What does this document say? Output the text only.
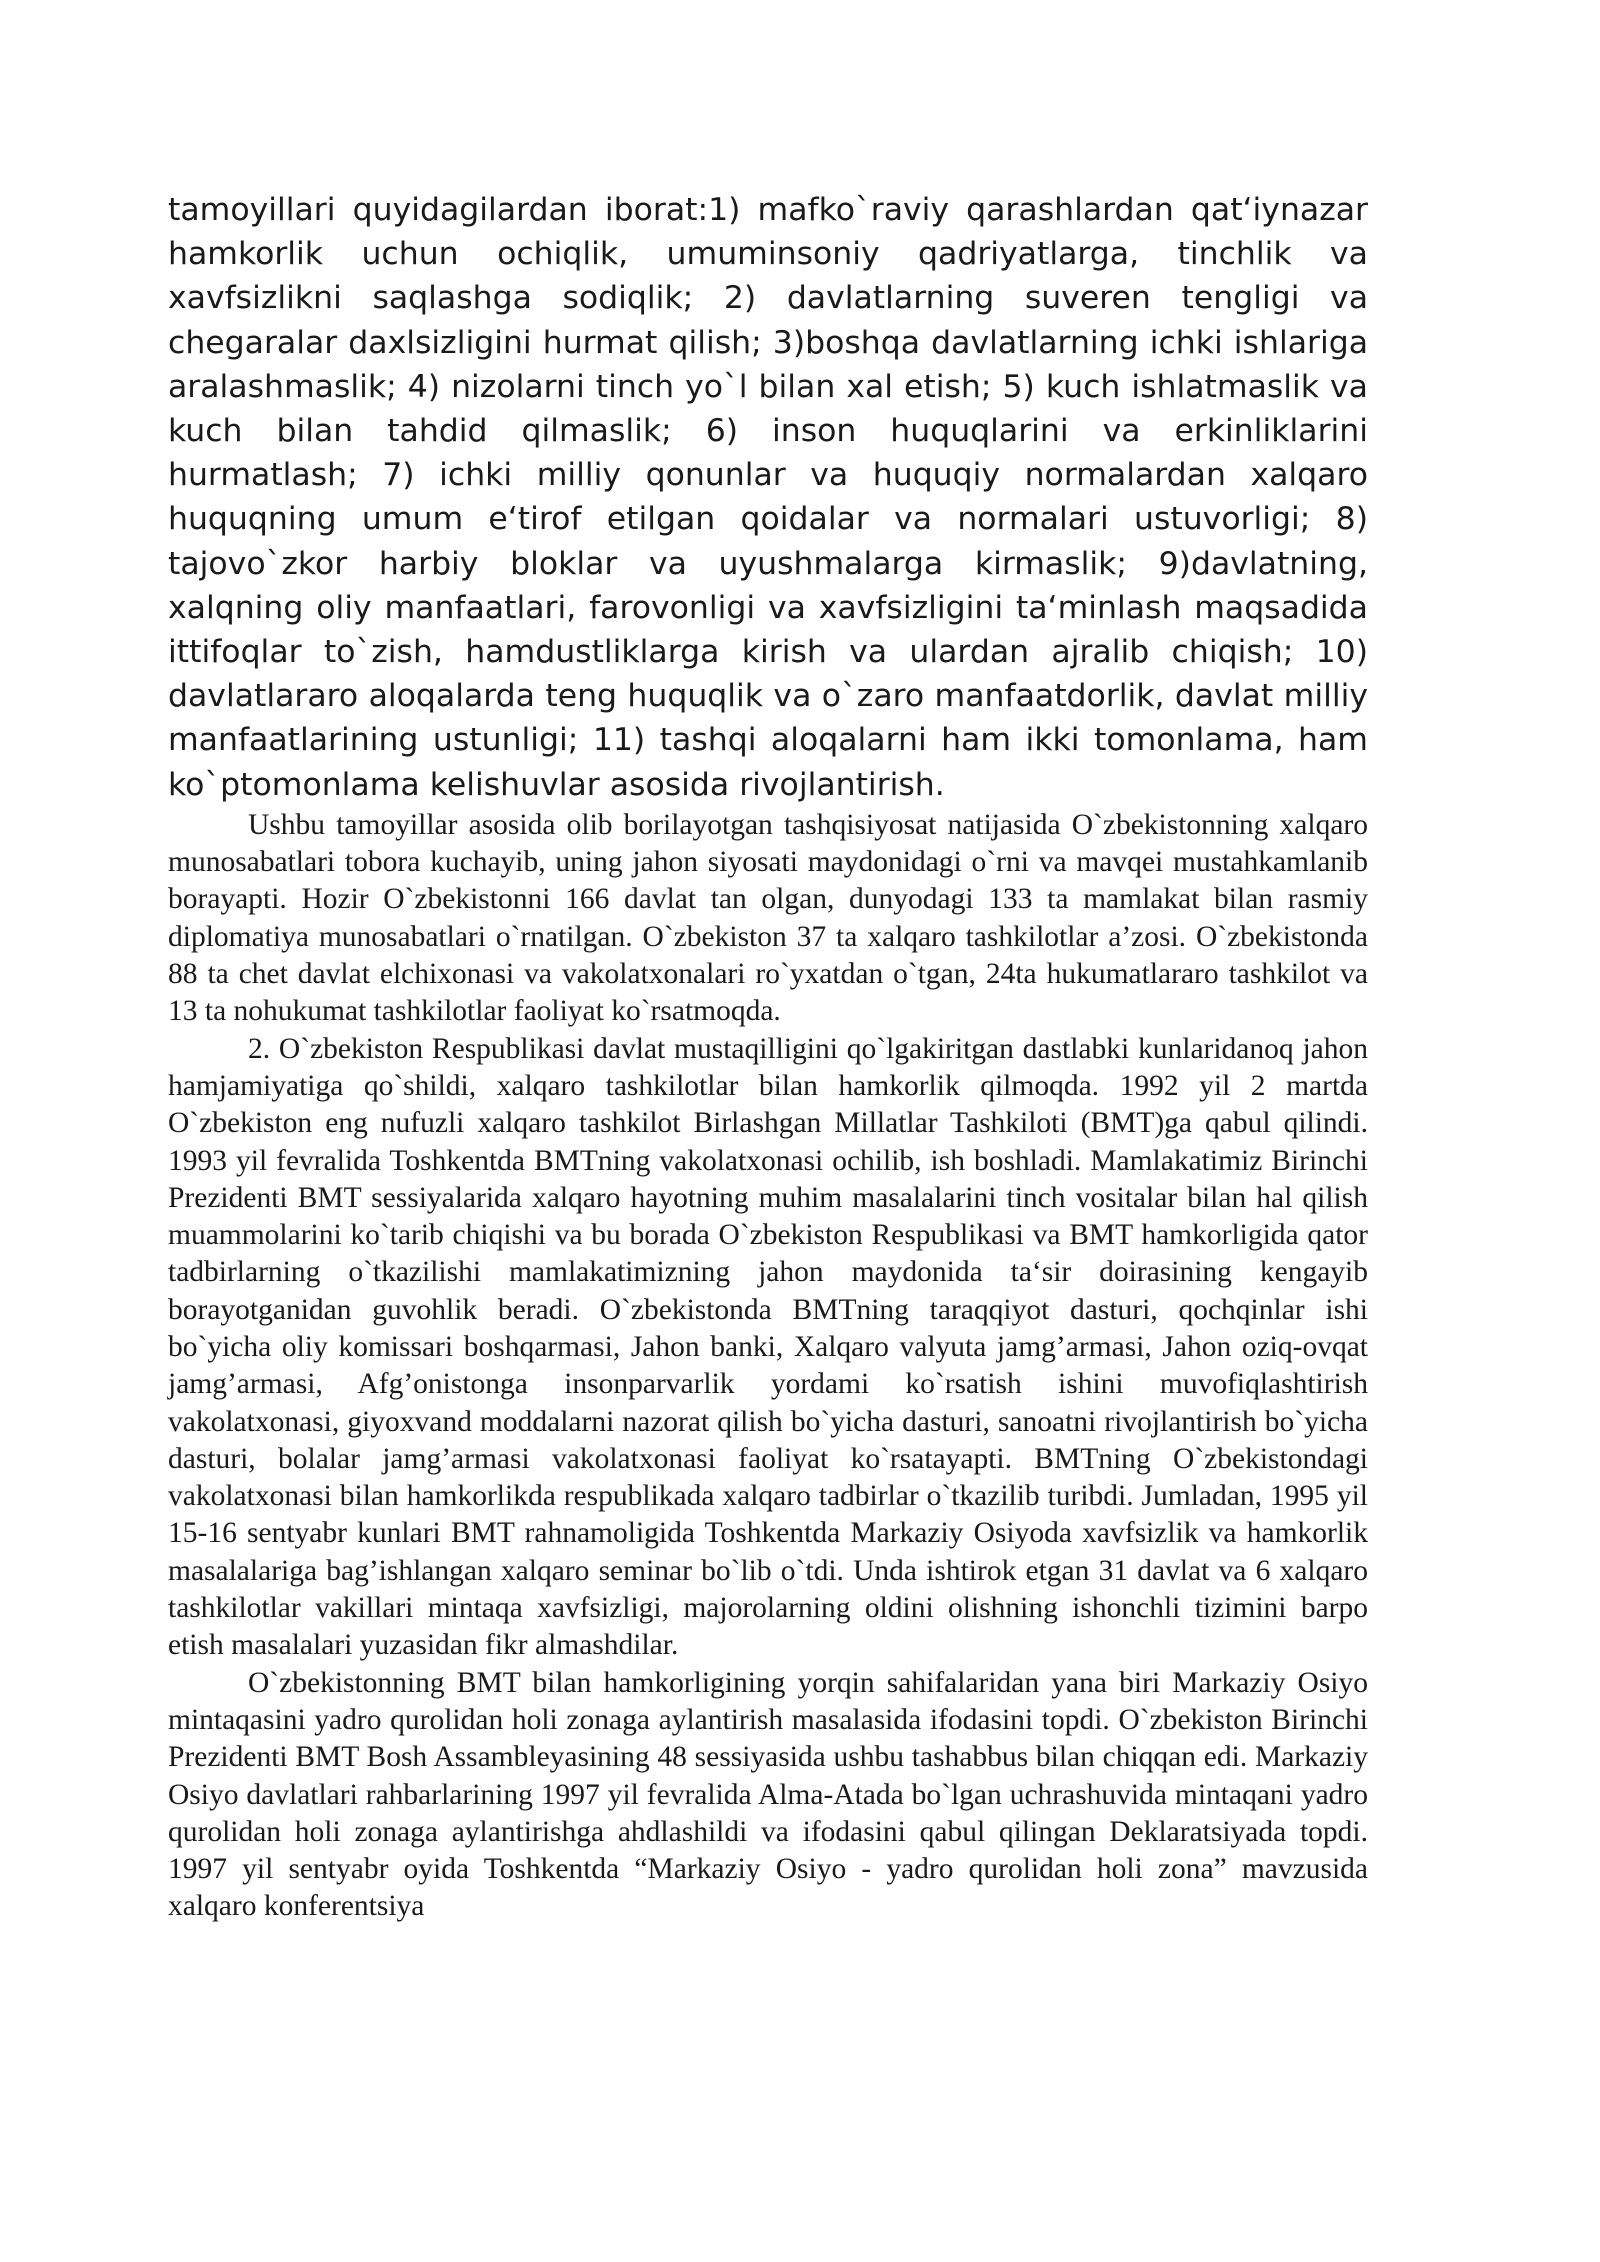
tamoyillari quyidagilardan iborat:1) mafko`raviy qarashlardan qat‘iynazar hamkorlik uchun ochiqlik, umuminsoniy qadriyatlarga, tinchlik va xavfsizlikni saqlashga sodiqlik; 2) davlatlarning suveren tengligi va chegaralar daxlsizligini hurmat qilish; 3)boshqa davlatlarning ichki ishlariga aralashmaslik; 4) nizolarni tinch yo`l bilan xal etish; 5) kuch ishlatmaslik va kuch bilan tahdid qilmaslik; 6) inson huquqlarini va erkinliklarini hurmatlash; 7) ichki milliy qonunlar va huquqiy normalardan xalqaro huquqning umum e‘tirof etilgan qoidalar va normalari ustuvorligi; 8) tajovo`zkor harbiy bloklar va uyushmalarga kirmaslik; 9)davlatning, xalqning oliy manfaatlari, farovonligi va xavfsizligini ta‘minlash maqsadida ittifoqlar to`zish, hamdustliklarga kirish va ulardan ajralib chiqish; 10) davlatlararo aloqalarda teng huquqlik va o`zaro manfaatdorlik, davlat milliy manfaatlarining ustunligi; 11) tashqi aloqalarni ham ikki tomonlama, ham ko`ptomonlama kelishuvlar asosida rivojlantirish.

Ushbu tamoyillar asosida olib borilayotgan tashqisiyosat natijasida O`zbekistonning xalqaro munosabatlari tobora kuchayib, uning jahon siyosati maydonidagi o`rni va mavqei mustahkamlanib borayapti. Hozir O`zbekistonni 166 davlat tan olgan, dunyodagi 133 ta mamlakat bilan rasmiy diplomatiya munosabatlari o`rnatilgan. O`zbekiston 37 ta xalqaro tashkilotlar a’zosi. O`zbekistonda 88 ta chet davlat elchixonasi va vakolatxonalari ro`yxatdan o`tgan, 24ta hukumatlararo tashkilot va 13 ta nohukumat tashkilotlar faoliyat ko`rsatmoqda.

2. O`zbekiston Respublikasi davlat mustaqilligini qo`lgakiritgan dastlabki kunlaridanoq jahon hamjamiyatiga qo`shildi, xalqaro tashkilotlar bilan hamkorlik qilmoqda. 1992 yil 2 martda O`zbekiston eng nufuzli xalqaro tashkilot Birlashgan Millatlar Tashkiloti (BMT)ga qabul qilindi. 1993 yil fevralida Toshkentda BMTning vakolatxonasi ochilib, ish boshladi. Mamlakatimiz Birinchi Prezidenti BMT sessiyalarida xalqaro hayotning muhim masalalarini tinch vositalar bilan hal qilish muammolarini ko`tarib chiqishi va bu borada O`zbekiston Respublikasi va BMT hamkorligida qator tadbirlarning o`tkazilishi mamlakatimizning jahon maydonida ta‘sir doirasining kengayib borayotganidan guvohlik beradi. O`zbekistonda BMTning taraqqiyot dasturi, qochqinlar ishi bo`yicha oliy komissari boshqarmasi, Jahon banki, Xalqaro valyuta jamg’armasi, Jahon oziq-ovqat jamg’armasi, Afg’onistonga insonparvarlik yordami ko`rsatish ishini muvofiqlashtirish vakolatxonasi, giyoxvand moddalarni nazorat qilish bo`yicha dasturi, sanoatni rivojlantirish bo`yicha dasturi, bolalar jamg’armasi vakolatxonasi faoliyat ko`rsatayapti. BMTning O`zbekistondagi vakolatxonasi bilan hamkorlikda respublikada xalqaro tadbirlar o`tkazilib turibdi. Jumladan, 1995 yil 15-16 sentyabr kunlari BMT rahnamoligida Toshkentda Markaziy Osiyoda xavfsizlik va hamkorlik masalalariga bag’ishlangan xalqaro seminar bo`lib o`tdi. Unda ishtirok etgan 31 davlat va 6 xalqaro tashkilotlar vakillari mintaqa xavfsizligi, majorolarning oldini olishning ishonchli tizimini barpo etish masalalari yuzasidan fikr almashdilar.

O`zbekistonning BMT bilan hamkorligining yorqin sahifalaridan yana biri Markaziy Osiyo mintaqasini yadro qurolidan holi zonaga aylantirish masalasida ifodasini topdi. O`zbekiston Birinchi Prezidenti BMT Bosh Assambleyasining 48 sessiyasida ushbu tashabbus bilan chiqqan edi. Markaziy Osiyo davlatlari rahbarlarining 1997 yil fevralida Alma-Atada bo`lgan uchrashuvida mintaqani yadro qurolidan holi zonaga aylantirishga ahdlashildi va ifodasini qabul qilingan Deklaratsiyada topdi. 1997 yil sentyabr oyida Toshkentda “Markaziy Osiyo - yadro qurolidan holi zona” mavzusida xalqaro konferentsiya
